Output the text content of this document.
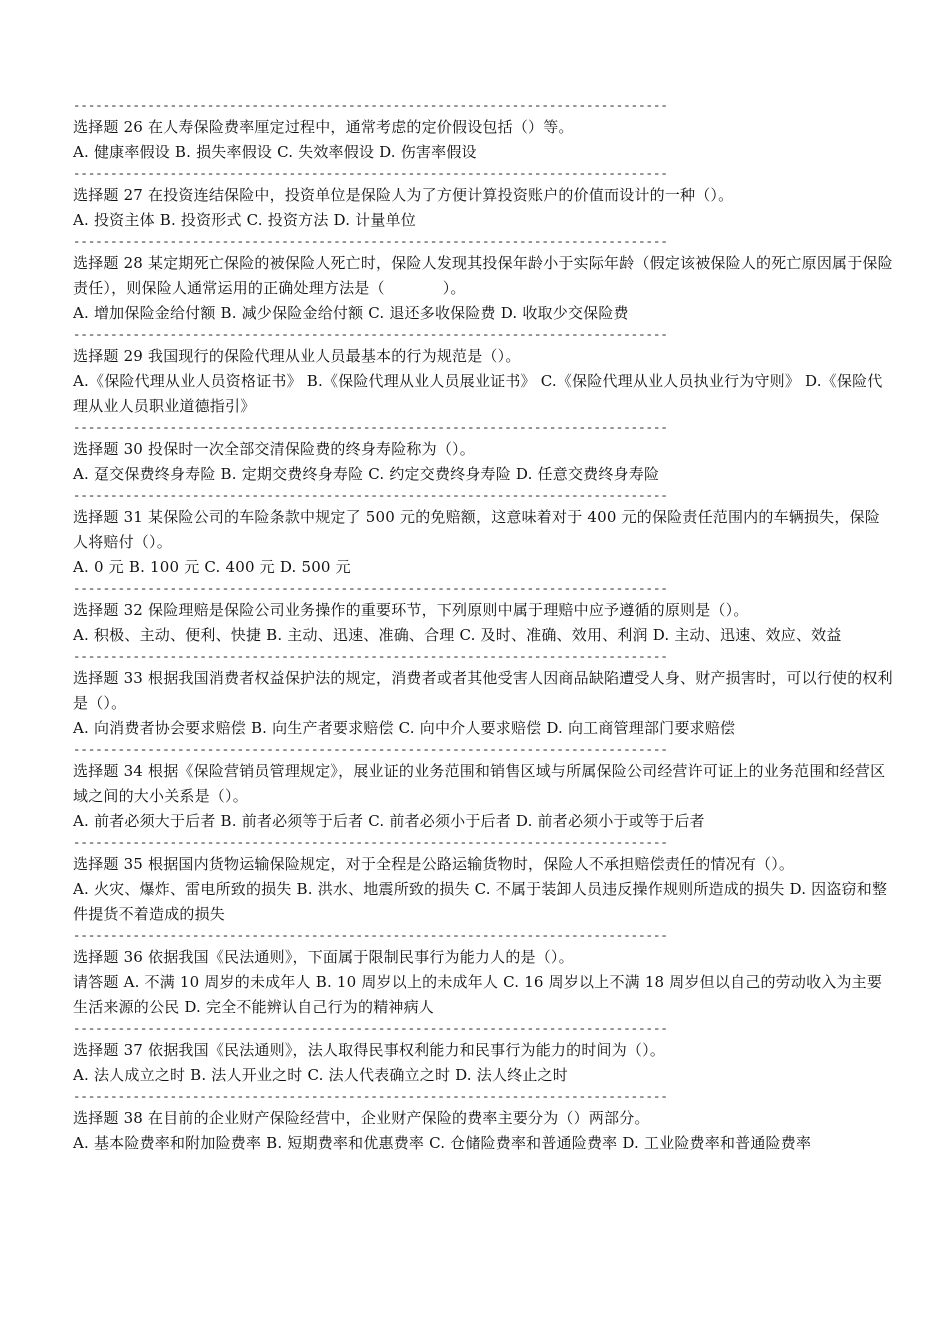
--------------------------------------------------------------------------------

选择题 26 在人寿保险费率厘定过程中，通常考虑的定价假设包括（）等。

A. 健康率假设 B. 损失率假设 C. 失效率假设 D. 伤害率假设

--------------------------------------------------------------------------------

选择题 27 在投资连结保险中，投资单位是保险人为了方便计算投资账户的价值而设计的一种（）。

A. 投资主体 B. 投资形式 C. 投资方法 D. 计量单位

--------------------------------------------------------------------------------

选择题 28 某定期死亡保险的被保险人死亡时，保险人发现其投保年龄小于实际年龄（假定该被保险人的死亡原因属于保险责任），则保险人通常运用的正确处理方法是（	）。

A. 增加保险金给付额 B. 减少保险金给付额 C. 退还多收保险费 D. 收取少交保险费

--------------------------------------------------------------------------------

选择题 29 我国现行的保险代理从业人员最基本的行为规范是（）。

A.《保险代理从业人员资格证书》 B.《保险代理从业人员展业证书》 C.《保险代理从业人员执业行为守则》 D.《保险代理从业人员职业道德指引》

--------------------------------------------------------------------------------

选择题 30 投保时一次全部交清保险费的终身寿险称为（）。

A. 趸交保费终身寿险 B. 定期交费终身寿险 C. 约定交费终身寿险 D. 任意交费终身寿险

--------------------------------------------------------------------------------

选择题 31 某保险公司的车险条款中规定了 500 元的免赔额，这意味着对于 400 元的保险责任范围内的车辆损失，保险人将赔付（）。

A. 0 元 B. 100 元 C. 400 元 D. 500 元

--------------------------------------------------------------------------------

选择题 32 保险理赔是保险公司业务操作的重要环节，下列原则中属于理赔中应予遵循的原则是（）。

A. 积极、主动、便利、快捷 B. 主动、迅速、准确、合理 C. 及时、准确、效用、利润 D. 主动、迅速、效应、效益

--------------------------------------------------------------------------------

选择题 33 根据我国消费者权益保护法的规定，消费者或者其他受害人因商品缺陷遭受人身、财产损害时，可以行使的权利是（）。

A. 向消费者协会要求赔偿 B. 向生产者要求赔偿 C. 向中介人要求赔偿 D. 向工商管理部门要求赔偿

--------------------------------------------------------------------------------

选择题 34 根据《保险营销员管理规定》，展业证的业务范围和销售区域与所属保险公司经营许可证上的业务范围和经营区域之间的大小关系是（）。

A. 前者必须大于后者 B. 前者必须等于后者 C. 前者必须小于后者 D. 前者必须小于或等于后者

--------------------------------------------------------------------------------

选择题 35 根据国内货物运输保险规定，对于全程是公路运输货物时，保险人不承担赔偿责任的情况有（）。

A. 火灾、爆炸、雷电所致的损失 B. 洪水、地震所致的损失 C. 不属于装卸人员违反操作规则所造成的损失 D. 因盗窃和整件提货不着造成的损失

--------------------------------------------------------------------------------

选择题 36 依据我国《民法通则》，下面属于限制民事行为能力人的是（）。

请答题 A. 不满 10 周岁的未成年人 B. 10 周岁以上的未成年人 C. 16 周岁以上不满 18 周岁但以自己的劳动收入为主要生活来源的公民 D. 完全不能辨认自己行为的精神病人

--------------------------------------------------------------------------------

选择题 37 依据我国《民法通则》，法人取得民事权利能力和民事行为能力的时间为（）。

A. 法人成立之时 B. 法人开业之时 C. 法人代表确立之时 D. 法人终止之时

--------------------------------------------------------------------------------

选择题 38 在目前的企业财产保险经营中，企业财产保险的费率主要分为（）两部分。

A. 基本险费率和附加险费率 B. 短期费率和优惠费率 C. 仓储险费率和普通险费率 D. 工业险费率和普通险费率
